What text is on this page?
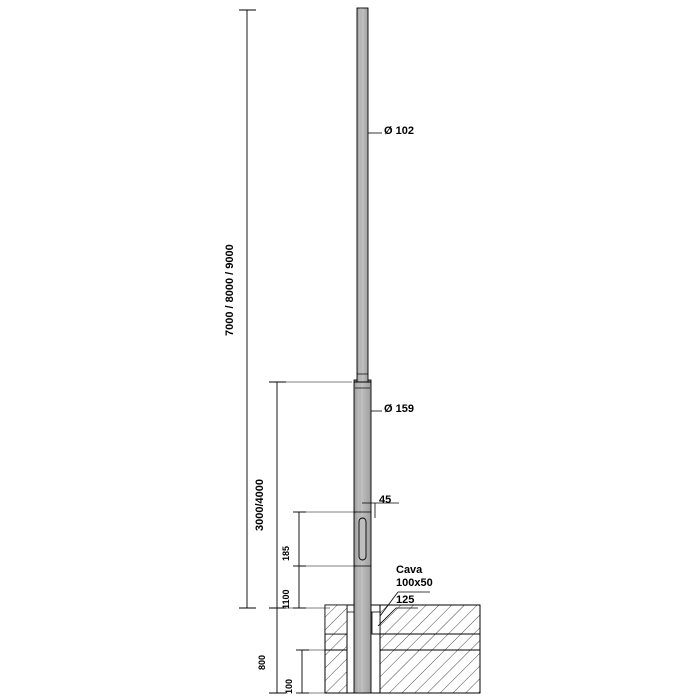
Ø 102
Ø 159
45
Cava
100x50
125
7000 / 8000 / 9000
3000/4000
185
1100
800
100
